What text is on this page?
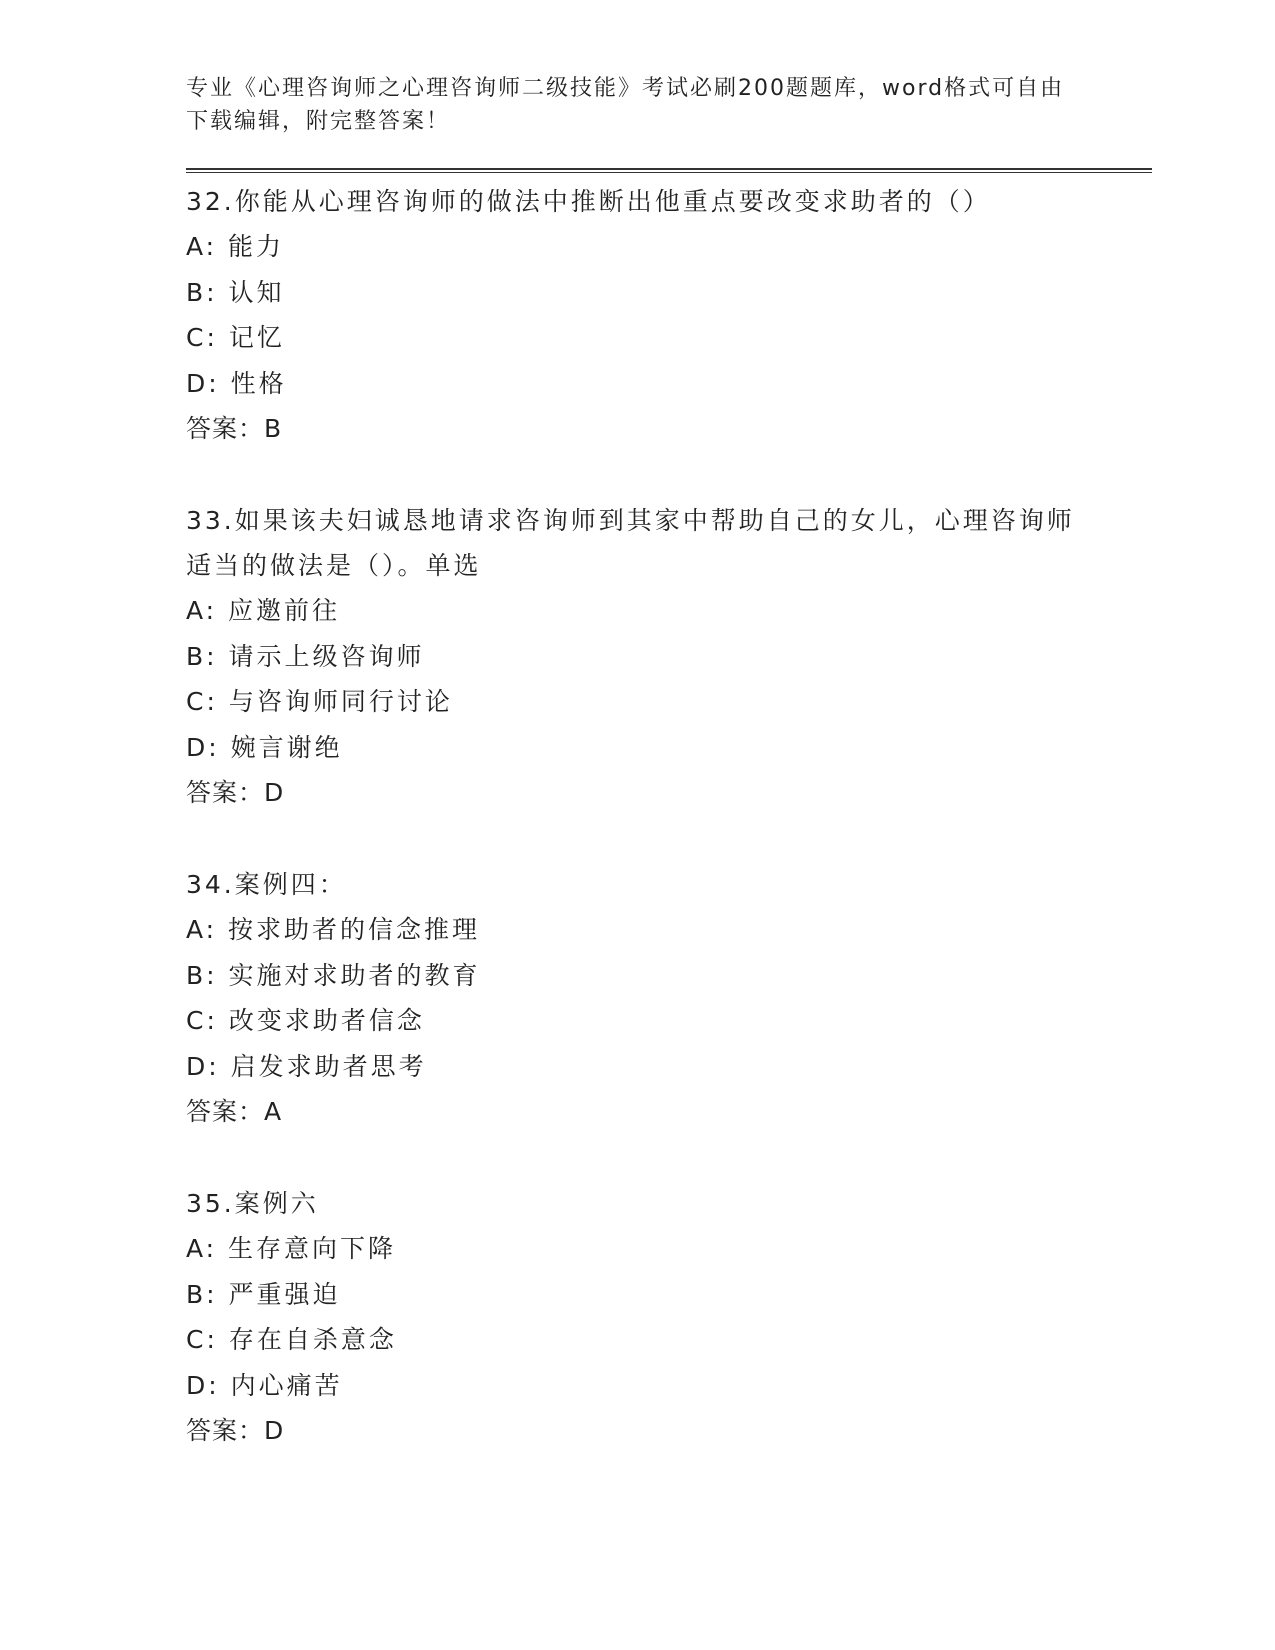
专业《心理咨询师之心理咨询师二级技能》考试必刷200题题库，word格式可自由下载编辑，附完整答案！

32.你能从心理咨询师的做法中推断出他重点要改变求助者的（）

A: 能力

B: 认知

C: 记忆

D: 性格

答案：B

33.如果该夫妇诚恳地请求咨询师到其家中帮助自己的女儿，心理咨询师适当的做法是（）。单选

A: 应邀前往

B: 请示上级咨询师

C: 与咨询师同行讨论

D: 婉言谢绝

答案：D

34.案例四：

A: 按求助者的信念推理

B: 实施对求助者的教育

C: 改变求助者信念

D: 启发求助者思考

答案：A

35.案例六

A: 生存意向下降

B: 严重强迫

C: 存在自杀意念

D: 内心痛苦

答案：D
